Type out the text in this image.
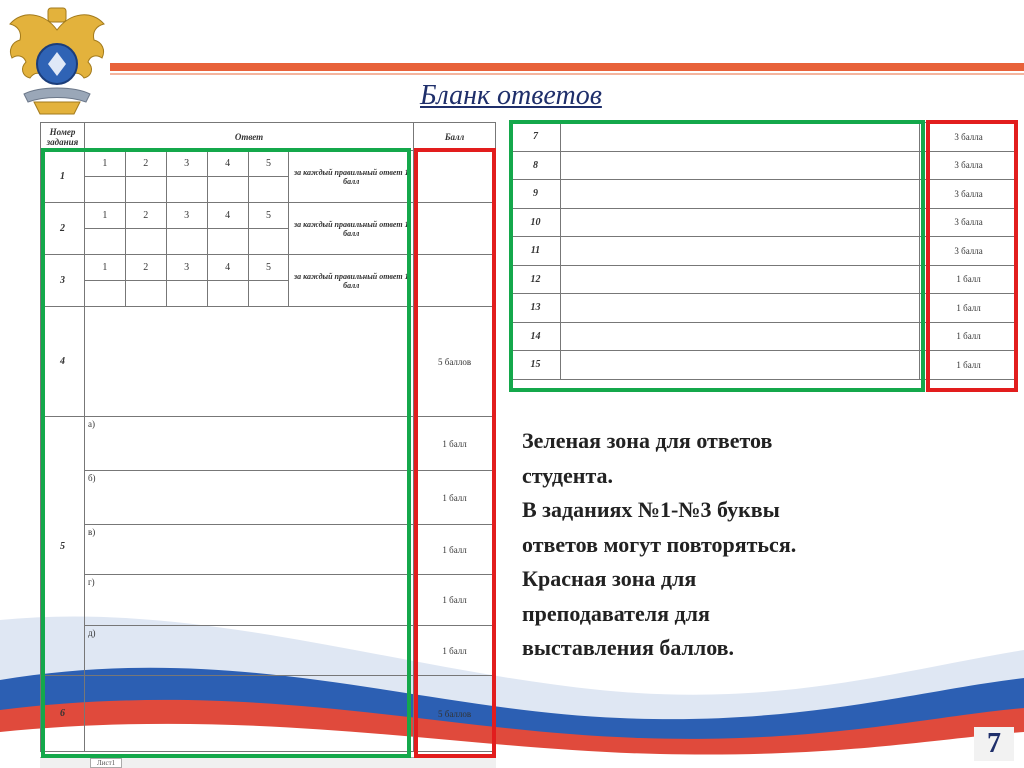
Бланк ответов
Номер задания	Ответ						Балл
1	1	2	3	4	5	за каждый правильный ответ 1 балл	

2	1	2	3	4	5	за каждый правильный ответ 1 балл	

3	1	2	3	4	5	за каждый правильный ответ 1 балл	

4							5 баллов
5	а)						1 балл
	б)						1 балл
	в)						1 балл
	г)						1 балл
	д)						1 балл
6							5 баллов
Лист1
7		3 балла
8		3 балла
9		3 балла
10		3 балла
11		3 балла
12		1 балл
13		1 балл
14		1 балл
15		1 балл
Зеленая зона для ответов
студента.
В заданиях №1-№3 буквы
ответов могут повторяться.
Красная зона для
преподавателя для
выставления баллов.
7
